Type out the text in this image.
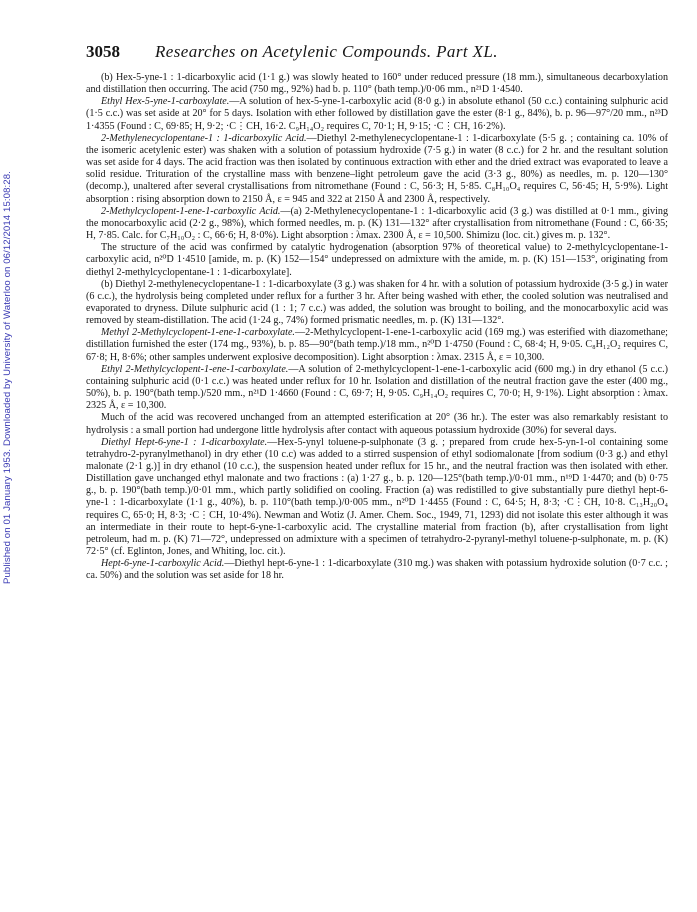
Published on 01 January 1953. Downloaded by University of Waterloo on 06/12/2014 15:08:28.
3058 Researches on Acetylenic Compounds. Part XL.

(b) Hex-5-yne-1 : 1-dicarboxylic acid (1·1 g.) was slowly heated to 160° under reduced pressure (18 mm.), simultaneous decarboxylation and distillation then occurring. The acid (750 mg., 92%) had b. p. 110° (bath temp.)/0·06 mm., n²¹D 1·4540.

Ethyl Hex-5-yne-1-carboxylate.—A solution of hex-5-yne-1-carboxylic acid (8·0 g.) in absolute ethanol (50 c.c.) containing sulphuric acid (1·5 c.c.) was set aside at 20° for 5 days. Isolation with ether followed by distillation gave the ester (8·1 g., 84%), b. p. 96—97°/20 mm., n²³D 1·4355 (Found : C, 69·85; H, 9·2; ·C⋮CH, 16·2. C₉H₁₄O₂ requires C, 70·1; H, 9·15; ·C⋮CH, 16·2%).

2-Methylenecyclopentane-1 : 1-dicarboxylic Acid.—Diethyl 2-methylenecyclopentane-1 : 1-dicarboxylate (5·5 g. ; containing ca. 10% of the isomeric acetylenic ester) was shaken with a solution of potassium hydroxide (7·5 g.) in water (8 c.c.) for 2 hr. and the resultant solution was set aside for 4 days. The acid fraction was then isolated by continuous extraction with ether and the dried extract was evaporated to leave a solid residue. Trituration of the crystalline mass with benzene–light petroleum gave the acid (3·3 g., 80%) as needles, m. p. 120—130° (decomp.), unaltered after several crystallisations from nitromethane (Found : C, 56·3; H, 5·85. C₈H₁₀O₄ requires C, 56·45; H, 5·9%). Light absorption : rising absorption down to 2150 Å, ε = 945 and 322 at 2150 Å and 2300 Å, respectively.

2-Methylcyclopent-1-ene-1-carboxylic Acid.—(a) 2-Methylenecyclopentane-1 : 1-dicarboxylic acid (3 g.) was distilled at 0·1 mm., giving the monocarboxylic acid (2·2 g., 98%), which formed needles, m. p. (K) 131—132° after crystallisation from nitromethane (Found : C, 66·35; H, 7·85. Calc. for C₇H₁₀O₂ : C, 66·6; H, 8·0%). Light absorption : λmax. 2300 Å, ε = 10,500. Shimizu (loc. cit.) gives m. p. 132°.

The structure of the acid was confirmed by catalytic hydrogenation (absorption 97% of theoretical value) to 2-methylcyclopentane-1-carboxylic acid, n²⁰D 1·4510 [amide, m. p. (K) 152—154° undepressed on admixture with the amide, m. p. (K) 151—153°, originating from diethyl 2-methylcyclopentane-1 : 1-dicarboxylate].

(b) Diethyl 2-methylenecyclopentane-1 : 1-dicarboxylate (3 g.) was shaken for 4 hr. with a solution of potassium hydroxide (3·5 g.) in water (6 c.c.), the hydrolysis being completed under reflux for a further 3 hr. After being washed with ether, the cooled solution was neutralised and evaporated to dryness. Dilute sulphuric acid (1 : 1; 7 c.c.) was added, the solution was brought to boiling, and the monocarboxylic acid was removed by steam-distillation. The acid (1·24 g., 74%) formed prismatic needles, m. p. (K) 131—132°.

Methyl 2-Methylcyclopent-1-ene-1-carboxylate.—2-Methylcyclopent-1-ene-1-carboxylic acid (169 mg.) was esterified with diazomethane; distillation furnished the ester (174 mg., 93%), b. p. 85—90°(bath temp.)/18 mm., n²⁰D 1·4750 (Found : C, 68·4; H, 9·05. C₈H₁₂O₂ requires C, 67·8; H, 8·6%; other samples underwent explosive decomposition). Light absorption : λmax. 2315 Å, ε = 10,300.

Ethyl 2-Methylcyclopent-1-ene-1-carboxylate.—A solution of 2-methylcyclopent-1-ene-1-carboxylic acid (600 mg.) in dry ethanol (5 c.c.) containing sulphuric acid (0·1 c.c.) was heated under reflux for 10 hr. Isolation and distillation of the neutral fraction gave the ester (400 mg., 50%), b. p. 190°(bath temp.)/520 mm., n²¹D 1·4660 (Found : C, 69·7; H, 9·05. C₉H₁₄O₂ requires C, 70·0; H, 9·1%). Light absorption : λmax. 2325 Å, ε = 10,300.

Much of the acid was recovered unchanged from an attempted esterification at 20° (36 hr.). The ester was also remarkably resistant to hydrolysis : a small portion had undergone little hydrolysis after contact with aqueous potassium hydroxide (30%) for several days.

Diethyl Hept-6-yne-1 : 1-dicarboxylate.—Hex-5-ynyl toluene-p-sulphonate (3 g. ; prepared from crude hex-5-yn-1-ol containing some tetrahydro-2-pyranylmethanol) in dry ether (10 c.c) was added to a stirred suspension of ethyl sodiomalonate [from sodium (0·3 g.) and ethyl malonate (2·1 g.)] in dry ethanol (10 c.c.), the suspension heated under reflux for 15 hr., and the neutral fraction was then isolated with ether. Distillation gave unchanged ethyl malonate and two fractions : (a) 1·27 g., b. p. 120—125°(bath temp.)/0·01 mm., n¹⁹D 1·4470; and (b) 0·75 g., b. p. 190°(bath temp.)/0·01 mm., which partly solidified on cooling. Fraction (a) was redistilled to give substantially pure diethyl hept-6-yne-1 : 1-dicarboxylate (1·1 g., 40%), b. p. 110°(bath temp.)/0·005 mm., n²⁰D 1·4455 (Found : C, 64·5; H, 8·3; ·C⋮CH, 10·8. C₁₃H₂₀O₄ requires C, 65·0; H, 8·3; ·C⋮CH, 10·4%). Newman and Wotiz (J. Amer. Chem. Soc., 1949, 71, 1293) did not isolate this ester although it was an intermediate in their route to hept-6-yne-1-carboxylic acid. The crystalline material from fraction (b), after crystallisation from light petroleum, had m. p. (K) 71—72°, undepressed on admixture with a specimen of tetrahydro-2-pyranyl-methyl toluene-p-sulphonate, m. p. (K) 72·5° (cf. Eglinton, Jones, and Whiting, loc. cit.).

Hept-6-yne-1-carboxylic Acid.—Diethyl hept-6-yne-1 : 1-dicarboxylate (310 mg.) was shaken with potassium hydroxide solution (0·7 c.c. ; ca. 50%) and the solution was set aside for 18 hr.
